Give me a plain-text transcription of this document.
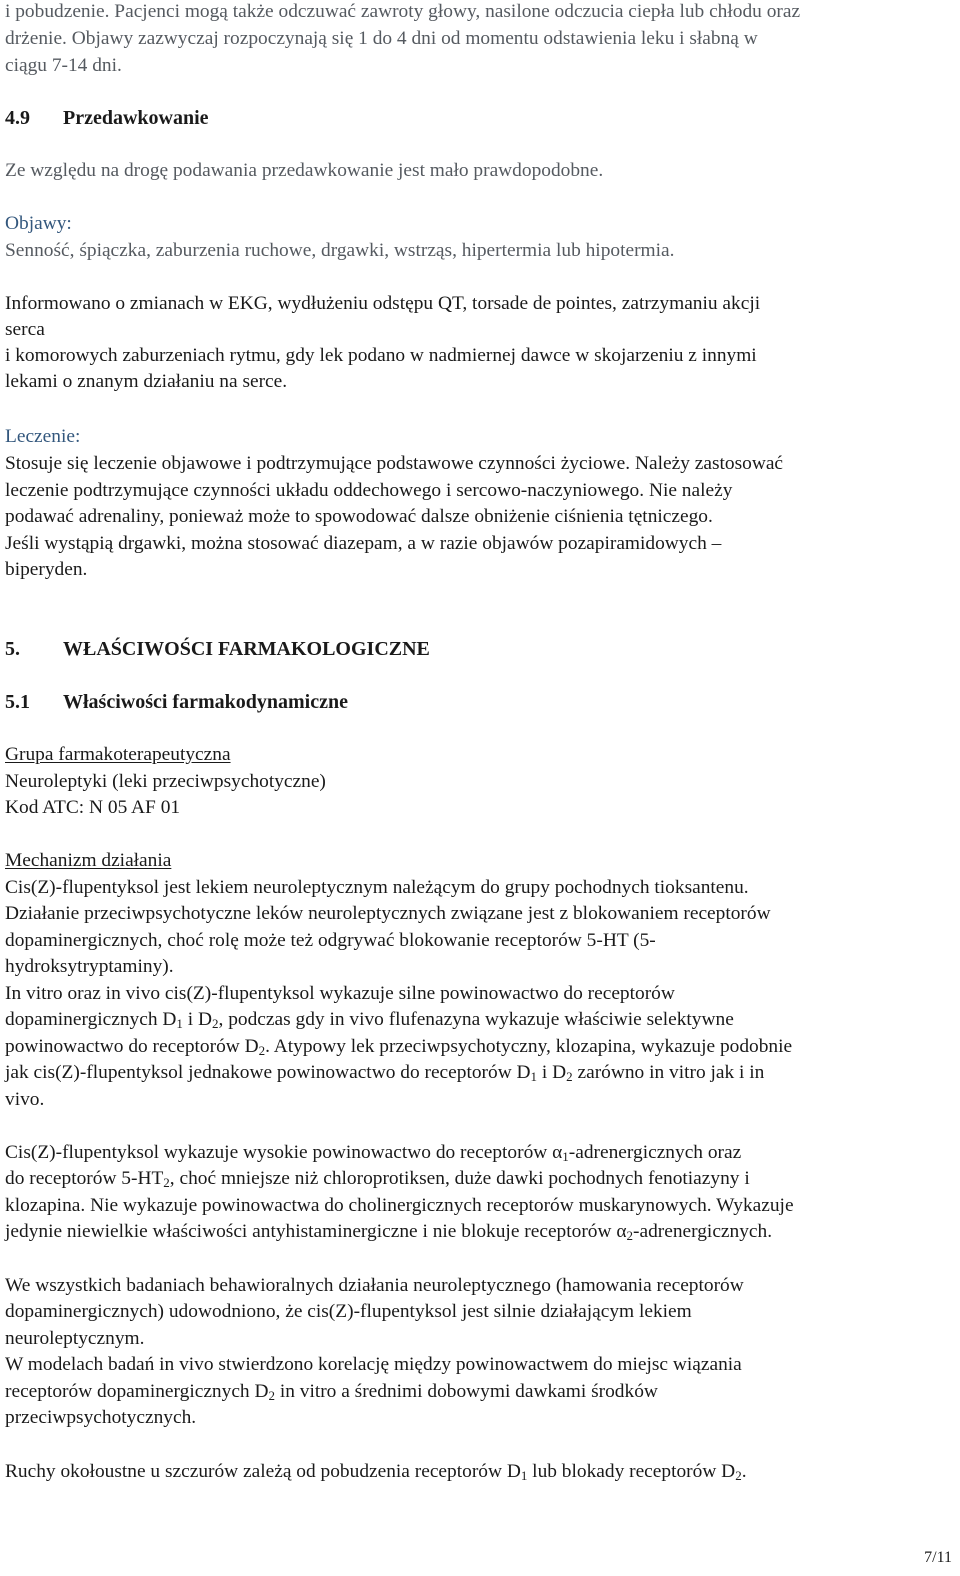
i pobudzenie. Pacjenci mogą także odczuwać zawroty głowy, nasilone odczucia ciepła lub chłodu oraz
drżenie. Objawy zazwyczaj rozpoczynają się 1 do 4 dni od momentu odstawienia leku i słabną w
ciągu 7-14 dni.
4.9 Przedawkowanie
Ze względu na drogę podawania przedawkowanie jest mało prawdopodobne.
Objawy:
Senność, śpiączka, zaburzenia ruchowe, drgawki, wstrząs, hipertermia lub hipotermia.
Informowano o zmianach w EKG, wydłużeniu odstępu QT, torsade de pointes, zatrzymaniu akcji
serca
i komorowych zaburzeniach rytmu, gdy lek podano w nadmiernej dawce w skojarzeniu z innymi
lekami o znanym działaniu na serce.
Leczenie:
Stosuje się leczenie objawowe i podtrzymujące podstawowe czynności życiowe. Należy zastosować
leczenie podtrzymujące czynności układu oddechowego i sercowo-naczyniowego. Nie należy
podawać adrenaliny, ponieważ może to spowodować dalsze obniżenie ciśnienia tętniczego.
Jeśli wystąpią drgawki, można stosować diazepam, a w razie objawów pozapiramidowych –
biperyden.
5. WŁAŚCIWOŚCI FARMAKOLOGICZNE
5.1 Właściwości farmakodynamiczne
Grupa farmakoterapeutyczna
Neuroleptyki (leki przeciwpsychotyczne)
Kod ATC: N 05 AF 01
Mechanizm działania
Cis(Z)-flupentyksol jest lekiem neuroleptycznym należącym do grupy pochodnych tioksantenu.
Działanie przeciwpsychotyczne leków neuroleptycznych związane jest z blokowaniem receptorów
dopaminergicznych, choć rolę może też odgrywać blokowanie receptorów 5-HT (5-
hydroksytryptaminy).
In vitro oraz in vivo cis(Z)-flupentyksol wykazuje silne powinowactwo do receptorów
dopaminergicznych $D_1$ i $D_2$, podczas gdy in vivo flufenazyna wykazuje właściwie selektywne
powinowactwo do receptorów $D_2$. Atypowy lek przeciwpsychotyczny, klozapina, wykazuje podobnie
jak cis(Z)-flupentyksol jednakowe powinowactwo do receptorów $D_1$ i $D_2$ zarówno in vitro jak i in
vivo.
Cis(Z)-flupentyksol wykazuje wysokie powinowactwo do receptorów $\alpha_1$-adrenergicznych oraz
do receptorów $5-HT_2$, choć mniejsze niż chloroprotiksen, duże dawki pochodnych fenotiazyny i
klozapina. Nie wykazuje powinowactwa do cholinergicznych receptorów muskarynowych. Wykazuje
jedynie niewielkie właściwości antyhistaminergiczne i nie blokuje receptorów $\alpha_2$-adrenergicznych.
We wszystkich badaniach behawioralnych działania neuroleptycznego (hamowania receptorów
dopaminergicznych) udowodniono, że cis(Z)-flupentyksol jest silnie działającym lekiem
neuroleptycznym.
W modelach badań in vivo stwierdzono korelację między powinowactwem do miejsc wiązania
receptorów dopaminergicznych $D_2$ in vitro a średnimi dobowymi dawkami środków
przeciwpsychotycznych.
Ruchy okołoustne u szczurów zależą od pobudzenia receptorów $D_1$ lub blokady receptorów $D_2$.
7/11
